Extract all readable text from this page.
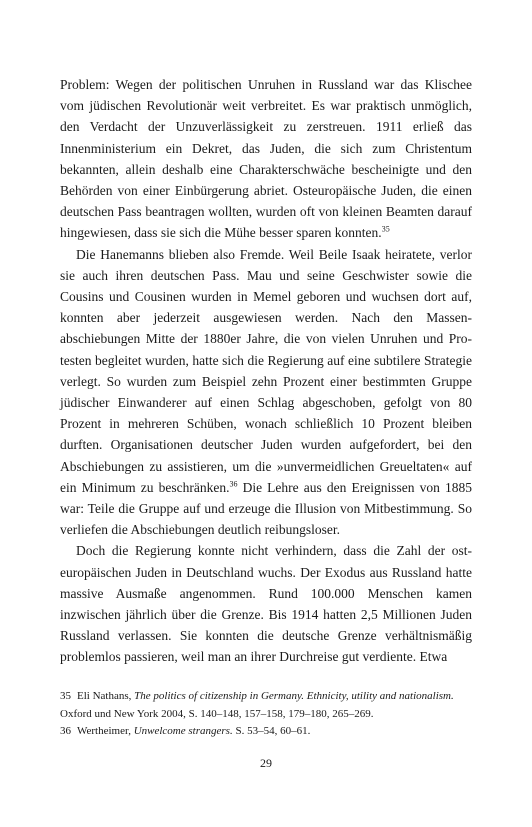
Problem: Wegen der politischen Unruhen in Russland war das Klischee vom jüdischen Revolutionär weit verbreitet. Es war praktisch unmöglich, den Verdacht der Unzuverlässigkeit zu zerstreuen. 1911 erließ das Innenministerium ein Dekret, das Juden, die sich zum Christentum bekannten, allein deshalb eine Charakterschwäche bescheinigte und den Behörden von einer Einbürgerung abriet. Osteuropäische Juden, die einen deutschen Pass beantragen wollten, wurden oft von kleinen Beamten darauf hingewiesen, dass sie sich die Mühe besser sparen konnten.$^{35}$

Die Hanemanns blieben also Fremde. Weil Beile Isaak heiratete, verlor sie auch ihren deutschen Pass. Mau und seine Geschwister sowie die Cousins und Cousinen wurden in Memel geboren und wuchsen dort auf, konnten aber jederzeit ausgewiesen werden. Nach den Massenabschiebungen Mitte der 1880er Jahre, die von vielen Unruhen und Protesten begleitet wurden, hatte sich die Regierung auf eine subtilere Strategie verlegt. So wurden zum Beispiel zehn Prozent einer bestimmten Gruppe jüdischer Einwanderer auf einen Schlag abgeschoben, gefolgt von 80 Prozent in mehreren Schüben, wonach schließlich 10 Prozent bleiben durften. Organisationen deutscher Juden wurden aufgefordert, bei den Abschiebungen zu assistieren, um die »unvermeidlichen Greueltaten« auf ein Minimum zu beschränken.$^{36}$ Die Lehre aus den Ereignissen von 1885 war: Teile die Gruppe auf und erzeuge die Illusion von Mitbestimmung. So verliefen die Abschiebungen deutlich reibungsloser.

Doch die Regierung konnte nicht verhindern, dass die Zahl der osteuropäischen Juden in Deutschland wuchs. Der Exodus aus Russland hatte massive Ausmaße angenommen. Rund 100.000 Menschen kamen inzwischen jährlich über die Grenze. Bis 1914 hatten 2,5 Millionen Juden Russland verlassen. Sie konnten die deutsche Grenze verhältnismäßig problemlos passieren, weil man an ihrer Durchreise gut verdiente. Etwa

35 Eli Nathans, The politics of citizenship in Germany. Ethnicity, utility and nationalism. Oxford und New York 2004, S. 140–148, 157–158, 179–180, 265–269.

36 Wertheimer, Unwelcome strangers. S. 53–54, 60–61.

29
